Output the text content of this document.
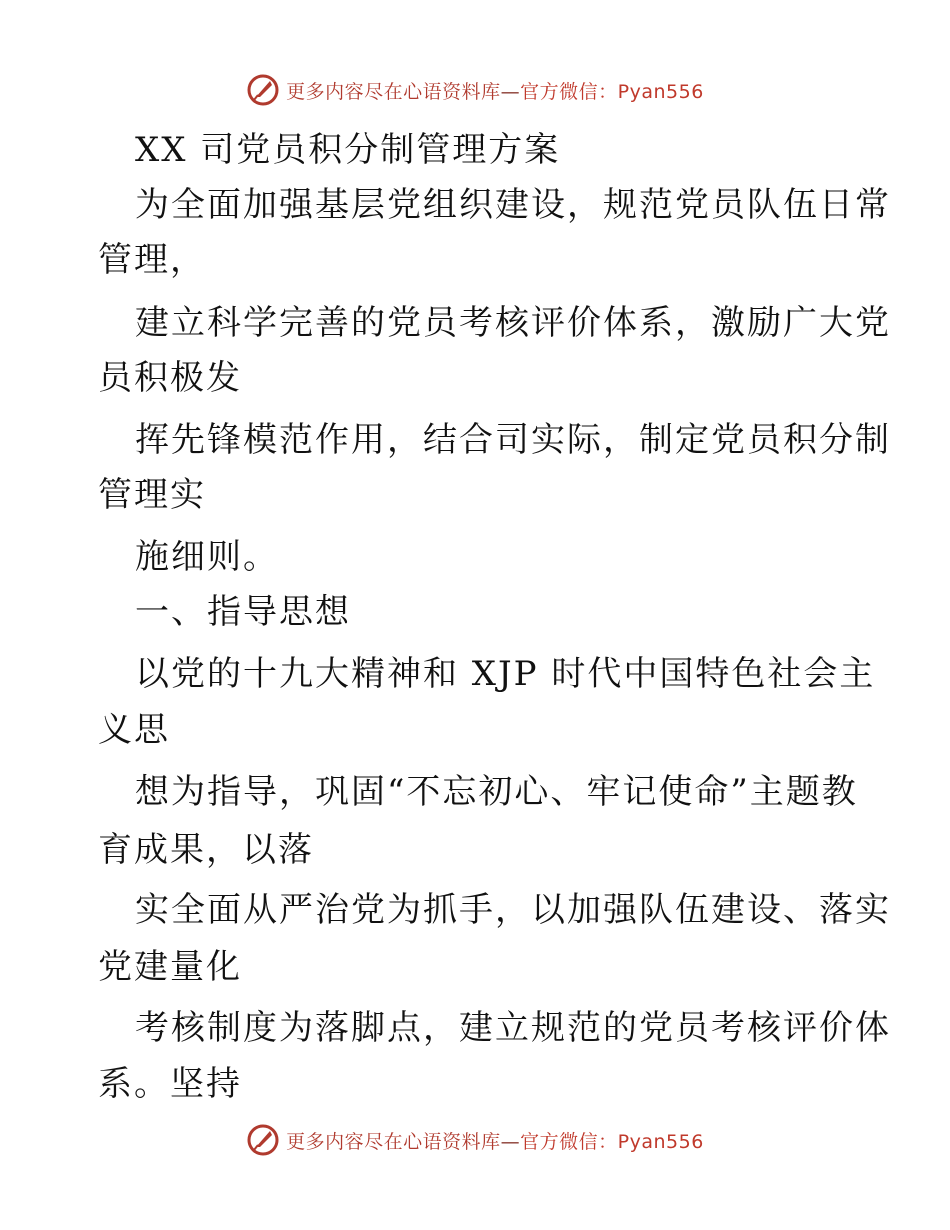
更多内容尽在心语资料库—官方微信：Pyan556
XX 司党员积分制管理方案
为全面加强基层党组织建设，规范党员队伍日常
管理，
建立科学完善的党员考核评价体系，激励广大党
员积极发
挥先锋模范作用，结合司实际，制定党员积分制
管理实
施细则。
一、指导思想
以党的十九大精神和 XJP 时代中国特色社会主
义思
想为指导，巩固“不忘初心、牢记使命”主题教
育成果，以落
实全面从严治党为抓手，以加强队伍建设、落实
党建量化
考核制度为落脚点，建立规范的党员考核评价体
系。坚持
更多内容尽在心语资料库—官方微信：Pyan556
